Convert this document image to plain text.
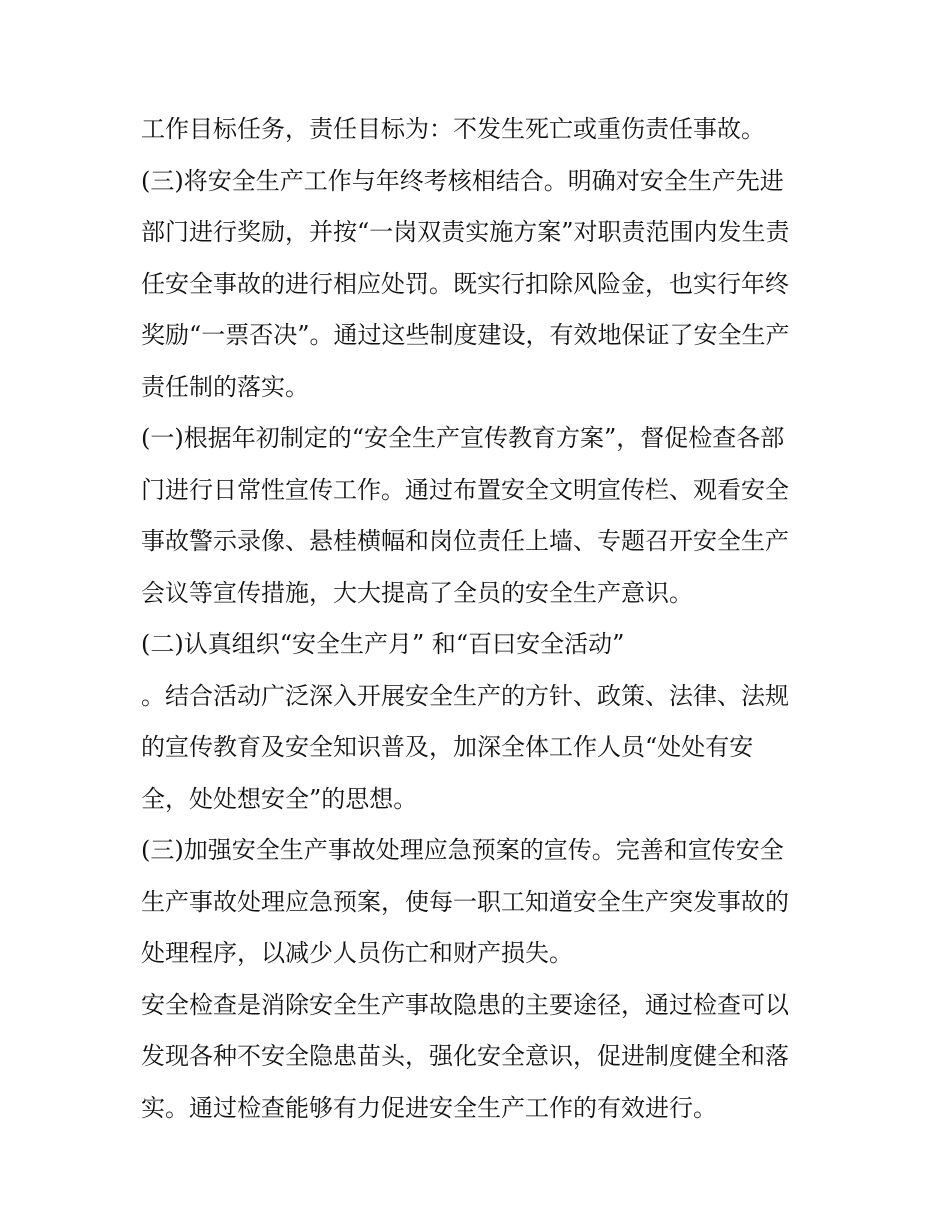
工作目标任务，责任目标为：不发生死亡或重伤责任事故。
(三)将安全生产工作与年终考核相结合。明确对安全生产先进
部门进行奖励，并按“一岗双责实施方案”对职责范围内发生责
任安全事故的进行相应处罚。既实行扣除风险金，也实行年终
奖励“一票否决”。通过这些制度建设，有效地保证了安全生产
责任制的落实。
(一)根据年初制定的“安全生产宣传教育方案”，督促检查各部
门进行日常性宣传工作。通过布置安全文明宣传栏、观看安全
事故警示录像、悬桂横幅和岗位责任上墙、专题召开安全生产
会议等宣传措施，大大提高了全员的安全生产意识。
(二)认真组织“安全生产月” 和“百曰安全活动”
。结合活动广泛深入开展安全生产的方针、政策、法律、法规
的宣传教育及安全知识普及，加深全体工作人员“处处有安
全，处处想安全”的思想。
(三)加强安全生产事故处理应急预案的宣传。完善和宣传安全
生产事故处理应急预案，使每一职工知道安全生产突发事故的
处理程序，以减少人员伤亡和财产损失。
安全检查是消除安全生产事故隐患的主要途径，通过检查可以
发现各种不安全隐患苗头，强化安全意识，促进制度健全和落
实。通过检查能够有力促进安全生产工作的有效进行。
